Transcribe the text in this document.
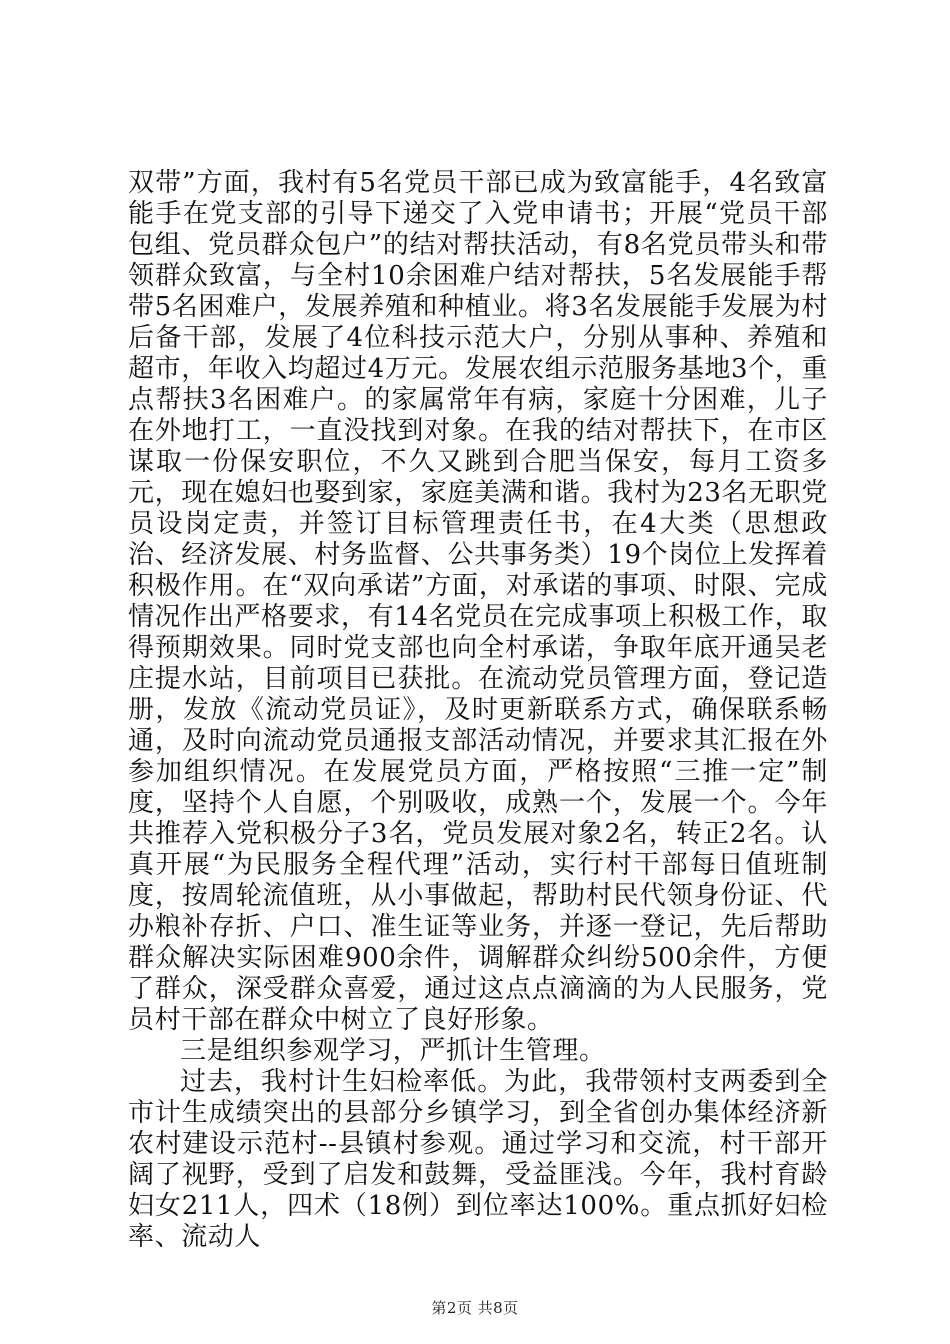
双带”方面，我村有5名党员干部已成为致富能手，4名致富能手在党支部的引导下递交了入党申请书；开展“党员干部包组、党员群众包户”的结对帮扶活动，有8名党员带头和带领群众致富，与全村10余困难户结对帮扶，5名发展能手帮带5名困难户，发展养殖和种植业。将3名发展能手发展为村后备干部，发展了4位科技示范大户，分别从事种、养殖和超市，年收入均超过4万元。发展农组示范服务基地3个，重点帮扶3名困难户。的家属常年有病，家庭十分困难，儿子在外地打工，一直没找到对象。在我的结对帮扶下，在市区谋取一份保安职位，不久又跳到合肥当保安，每月工资多元，现在媳妇也娶到家，家庭美满和谐。我村为23名无职党员设岗定责，并签订目标管理责任书，在4大类（思想政治、经济发展、村务监督、公共事务类）19个岗位上发挥着积极作用。在“双向承诺”方面，对承诺的事项、时限、完成情况作出严格要求，有14名党员在完成事项上积极工作，取得预期效果。同时党支部也向全村承诺，争取年底开通吴老庄提水站，目前项目已获批。在流动党员管理方面，登记造册，发放《流动党员证》，及时更新联系方式，确保联系畅通，及时向流动党员通报支部活动情况，并要求其汇报在外参加组织情况。在发展党员方面，严格按照“三推一定”制度，坚持个人自愿，个别吸收，成熟一个，发展一个。今年共推荐入党积极分子3名，党员发展对象2名，转正2名。认真开展“为民服务全程代理”活动，实行村干部每日值班制度，按周轮流值班，从小事做起，帮助村民代领身份证、代办粮补存折、户口、准生证等业务，并逐一登记，先后帮助群众解决实际困难900余件，调解群众纠纷500余件，方便了群众，深受群众喜爱，通过这点点滴滴的为人民服务，党员村干部在群众中树立了良好形象。

三是组织参观学习，严抓计生管理。

过去，我村计生妇检率低。为此，我带领村支两委到全市计生成绩突出的县部分乡镇学习，到全省创办集体经济新农村建设示范村--县镇村参观。通过学习和交流，村干部开阔了视野，受到了启发和鼓舞，受益匪浅。今年，我村育龄妇女211人，四术（18例）到位率达100%。重点抓好妇检率、流动人

第2页 共8页
